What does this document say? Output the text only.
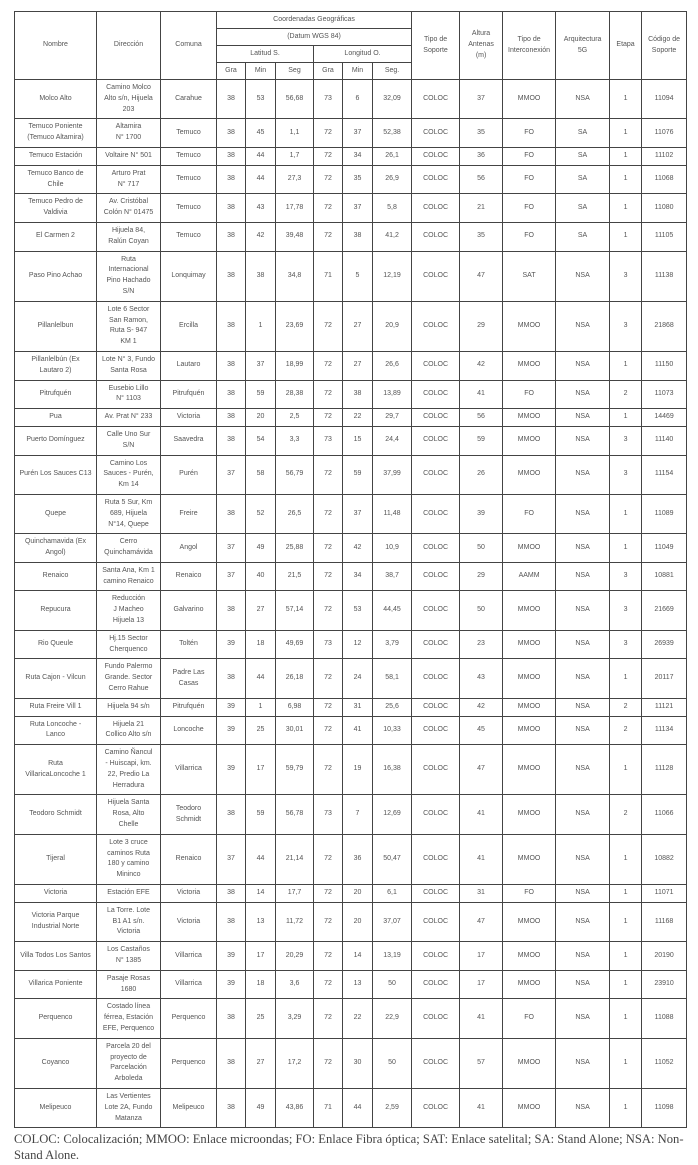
Nombre	Dirección	Comuna	Coordenadas Geográficas						Tipo de
Soporte	Altura
Antenas
(m)	Tipo de
Interconexión	Arquitectura
5G	Etapa	Código de
Soporte
			(Datum WGS 84)											
			Latitud S.			Longitud O.								
			Gra	Min	Seg	Gra	Min	Seg.						
Molco Alto	Camino Molco
Alto s/n, Hijuela
203	Carahue	38	53	56,68	73	6	32,09	COLOC	37	MMOO	NSA	1	11094
Temuco Poniente
(Temuco Altamira)	Altamira
N° 1700	Temuco	38	45	1,1	72	37	52,38	COLOC	35	FO	SA	1	11076
Temuco Estación	Voltaire N° 501	Temuco	38	44	1,7	72	34	26,1	COLOC	36	FO	SA	1	11102
Temuco Banco de
Chile	Arturo Prat
N° 717	Temuco	38	44	27,3	72	35	26,9	COLOC	56	FO	SA	1	11068
Temuco Pedro de
Valdivia	Av. Cristóbal
Colón N° 01475	Temuco	38	43	17,78	72	37	5,8	COLOC	21	FO	SA	1	11080
El Carmen 2	Hijuela 84,
Ralún Coyan	Temuco	38	42	39,48	72	38	41,2	COLOC	35	FO	SA	1	11105
Paso Pino Achao	Ruta
Internacional
Pino Hachado
S/N	Lonquimay	38	38	34,8	71	5	12,19	COLOC	47	SAT	NSA	3	11138
Pillanlelbun	Lote 6 Sector
San Ramon,
Ruta S- 947
KM 1	Ercilla	38	1	23,69	72	27	20,9	COLOC	29	MMOO	NSA	3	21868
Pillanlelbún (Ex
Lautaro 2)	Lote N° 3, Fundo
Santa Rosa	Lautaro	38	37	18,99	72	27	26,6	COLOC	42	MMOO	NSA	1	11150
Pitrufquén	Eusebio Lillo
N° 1103	Pitrufquén	38	59	28,38	72	38	13,89	COLOC	41	FO	NSA	2	11073
Pua	Av. Prat N° 233	Victoria	38	20	2,5	72	22	29,7	COLOC	56	MMOO	NSA	1	14469
Puerto Domínguez	Calle Uno Sur
S/N	Saavedra	38	54	3,3	73	15	24,4	COLOC	59	MMOO	NSA	3	11140
Purén Los Sauces C13	Camino Los
Sauces - Purén,
Km 14	Purén	37	58	56,79	72	59	37,99	COLOC	26	MMOO	NSA	3	11154
Quepe	Ruta 5 Sur, Km
689, Hijuela
N°14, Quepe	Freire	38	52	26,5	72	37	11,48	COLOC	39	FO	NSA	1	11089
Quinchamavida (Ex
Angol)	Cerro
Quinchamávida	Angol	37	49	25,88	72	42	10,9	COLOC	50	MMOO	NSA	1	11049
Renaico	Santa Ana, Km 1
camino Renaico	Renaico	37	40	21,5	72	34	38,7	COLOC	29	AAMM	NSA	3	10881
Repucura	Reducción
J Macheo
Hijuela 13	Galvarino	38	27	57,14	72	53	44,45	COLOC	50	MMOO	NSA	3	21669
Rio Queule	Hj.15 Sector
Cherquenco	Toltén	39	18	49,69	73	12	3,79	COLOC	23	MMOO	NSA	3	26939
Ruta Cajon - Vilcun	Fundo Palermo
Grande. Sector
Cerro Rahue	Padre Las
Casas	38	44	26,18	72	24	58,1	COLOC	43	MMOO	NSA	1	20117
Ruta Freire Vill 1	Hijuela 94 s/n	Pitrufquén	39	1	6,98	72	31	25,6	COLOC	42	MMOO	NSA	2	11121
Ruta Loncoche -
Lanco	Hijuela 21
Collico Alto s/n	Loncoche	39	25	30,01	72	41	10,33	COLOC	45	MMOO	NSA	2	11134
Ruta
VillaricaLoncoche 1	Camino Ñancul
- Huiscapi, km.
22, Predio La
Herradura	Villarrica	39	17	59,79	72	19	16,38	COLOC	47	MMOO	NSA	1	11128
Teodoro Schmidt	Hijuela Santa
Rosa, Alto
Chelle	Teodoro
Schmidt	38	59	56,78	73	7	12,69	COLOC	41	MMOO	NSA	2	11066
Tijeral	Lote 3 cruce
caminos Ruta
180 y camino
Mininco	Renaico	37	44	21,14	72	36	50,47	COLOC	41	MMOO	NSA	1	10882
Victoria	Estación EFE	Victoria	38	14	17,7	72	20	6,1	COLOC	31	FO	NSA	1	11071
Victoria Parque
Industrial Norte	La Torre. Lote
B1 A1 s/n.
Victoria	Victoria	38	13	11,72	72	20	37,07	COLOC	47	MMOO	NSA	1	11168
Villa Todos Los Santos	Los Castaños
N° 1385	Villarrica	39	17	20,29	72	14	13,19	COLOC	17	MMOO	NSA	1	20190
Villarica Poniente	Pasaje Rosas
1680	Villarrica	39	18	3,6	72	13	50	COLOC	17	MMOO	NSA	1	23910
Perquenco	Costado línea
férrea, Estación
EFE, Perquenco	Perquenco	38	25	3,29	72	22	22,9	COLOC	41	FO	NSA	1	11088
Coyanco	Parcela 20 del
proyecto de
Parcelación
Arboleda	Perquenco	38	27	17,2	72	30	50	COLOC	57	MMOO	NSA	1	11052
Melipeuco	Las Vertientes
Lote 2A, Fundo
Matanza	Melipeuco	38	49	43,86	71	44	2,59	COLOC	41	MMOO	NSA	1	11098
COLOC: Colocalización; MMOO: Enlace microondas; FO: Enlace Fibra óptica; SAT: Enlace satelital; SA: Stand Alone; NSA: Non-Stand Alone.
